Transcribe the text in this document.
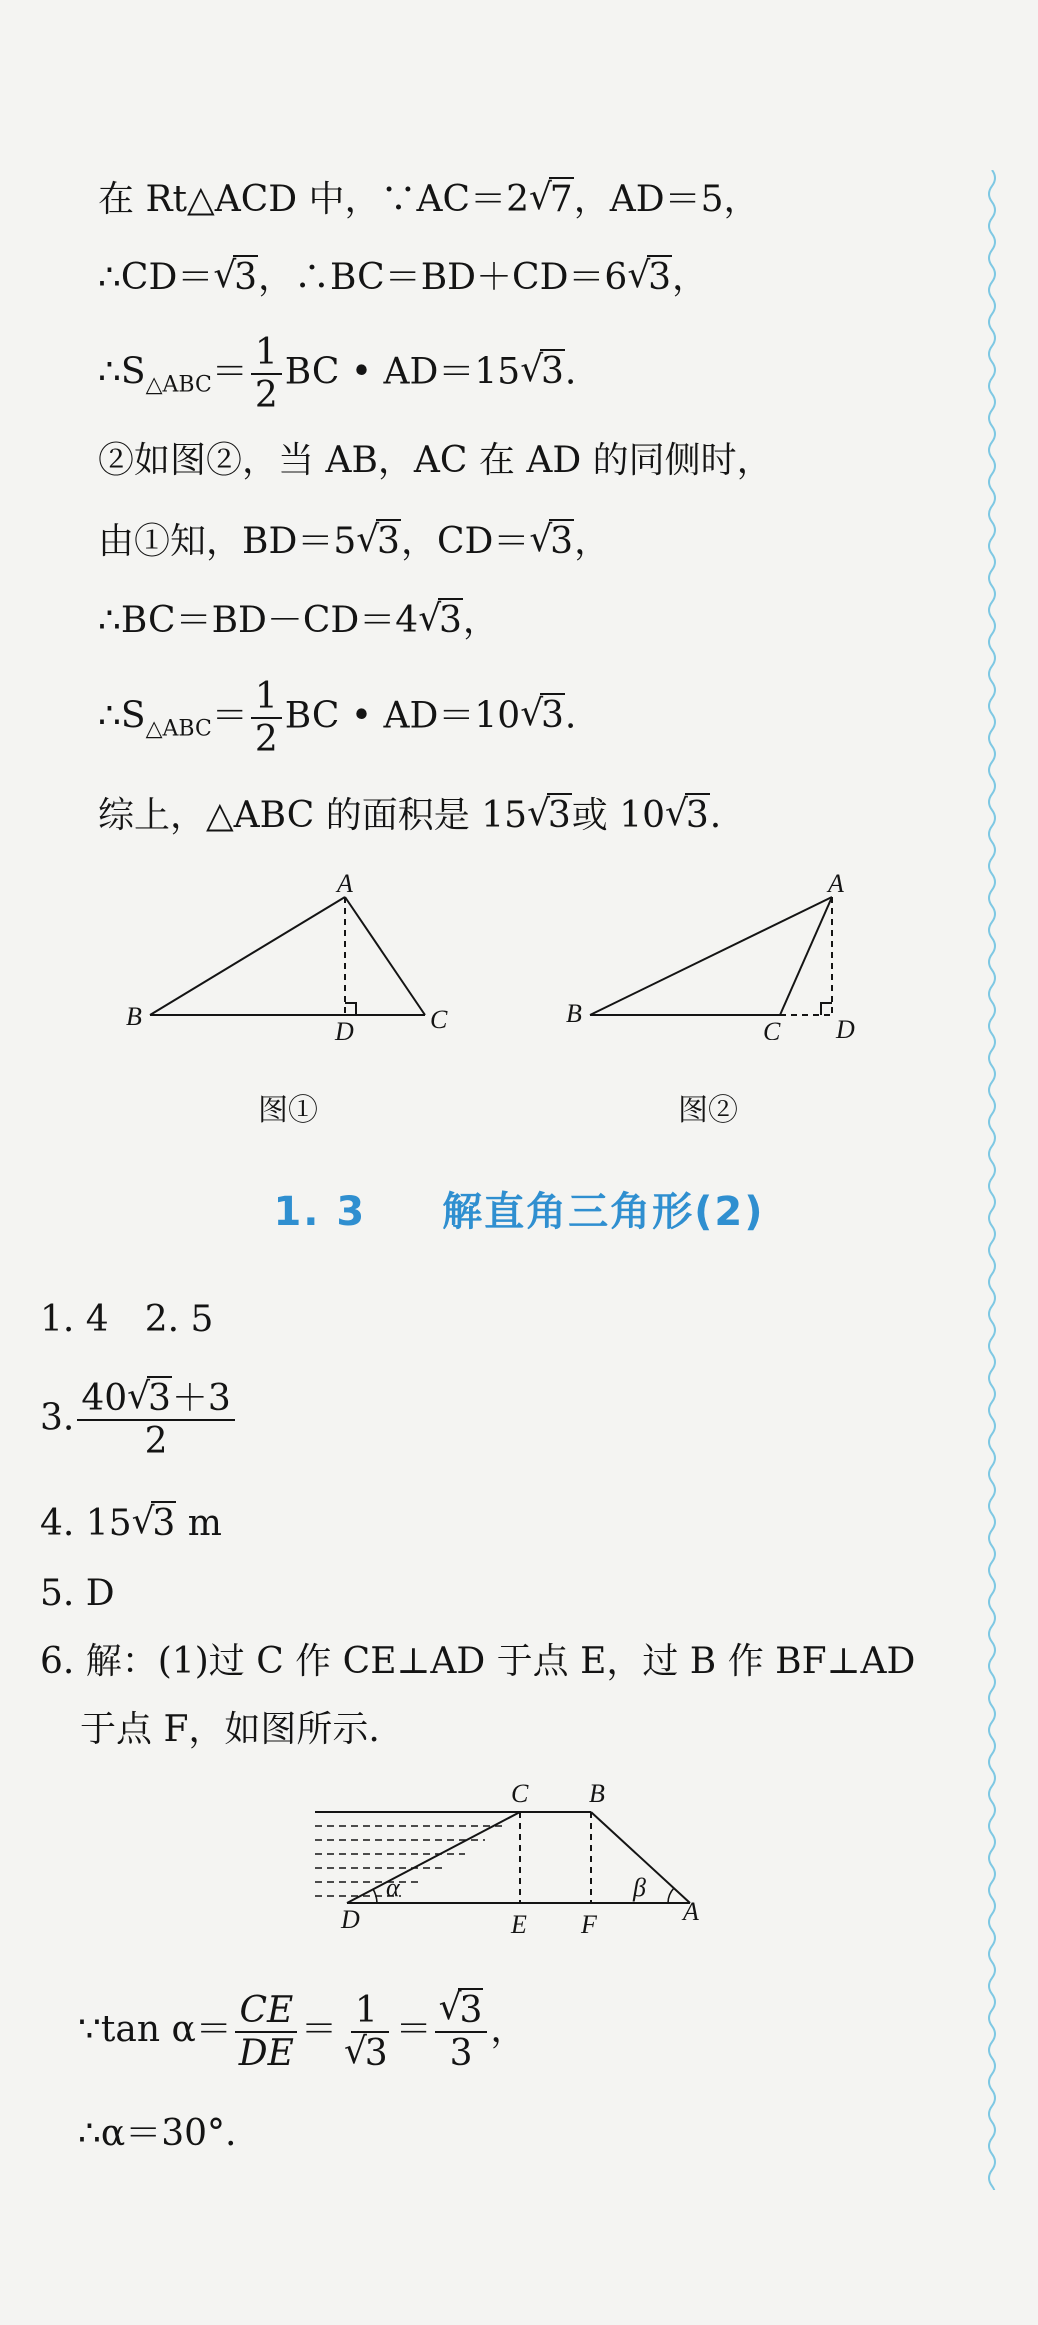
在 Rt△ACD 中，∵AC＝2 √ 7，AD＝5，
∴CD＝ √ 3，∴BC＝BD＋CD＝6 √ 3，
$\therefore S_{\triangle ABC}= \frac{1}{2}$ BC • AD＝15 √ 3.
②如图②，当 AB，AC 在 AD 的同侧时，
由①知，BD＝5 √ 3，CD＝ √ 3，
∴BC＝BD－CD＝4 √ 3，
$\therefore S_{\triangle ABC}= \frac{1}{2}$ BC • AD＝10 √ 3.
综上，△ABC 的面积是 15 √ 3或 10 √ 3.
A
B	C
D
图①
A
B
C D
图②
1. 3 解直角三角形(2)
1. 4　2. 5
3. $\frac{40 √ 3+3}{2}$
4. 15 √ 3 m
5. D
6. 解：(1)过 C 作 CE⊥AD 于点 E，过 B 作 BF⊥AD
于点 F，如图所示.
α	β
C B
D	E F	A
∵tan $\alpha= \frac{CE}{DE} = 1$
√ 3 ＝ √ $\frac{3}{3}$ ，
∴α＝30°.
